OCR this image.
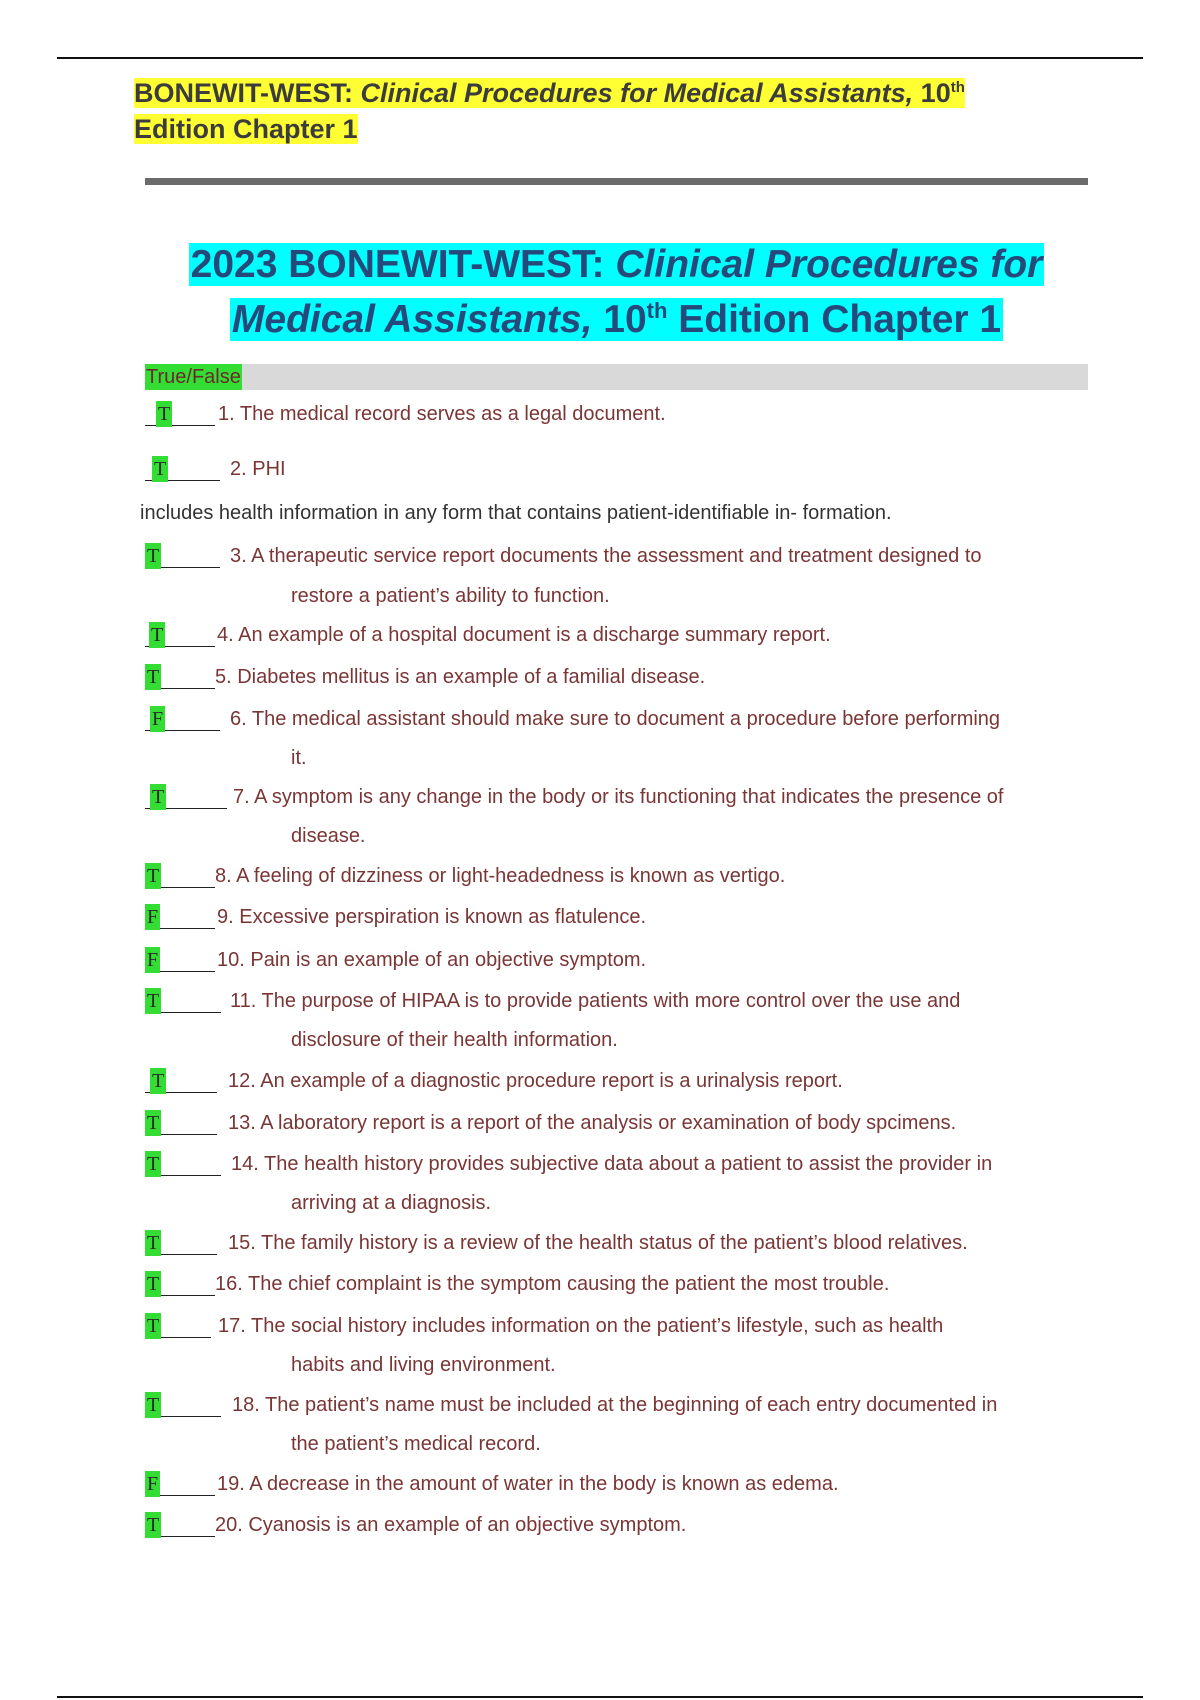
BONEWIT-WEST: Clinical Procedures for Medical Assistants, 10th
Edition Chapter 1
2023 BONEWIT-WEST: Clinical Procedures for
Medical Assistants, 10th Edition Chapter 1
True/False
includes health information in any form that contains patient-identifiable in- formation.
T 1. The medical record serves as a legal document.
T	2. PHI
T	3. A therapeutic service report documents the assessment and treatment designed to
restore a patient’s ability to function.
T	4. An example of a hospital document is a discharge summary report.
T	5. Diabetes mellitus is an example of a familial disease.
F	6. The medical assistant should make sure to document a procedure before performing
it.
T	7. A symptom is any change in the body or its functioning that indicates the presence of
disease.
T	8. A feeling of dizziness or light-headedness is known as vertigo.
F	9. Excessive perspiration is known as flatulence.
F	10. Pain is an example of an objective symptom.
T	11. The purpose of HIPAA is to provide patients with more control over the use and
disclosure of their health information.
T	12. An example of a diagnostic procedure report is a urinalysis report.
T	13. A laboratory report is a report of the analysis or examination of body spcimens.
T	14. The health history provides subjective data about a patient to assist the provider in
arriving at a diagnosis.
T	15. The family history is a review of the health status of the patient’s blood relatives.
T	16. The chief complaint is the symptom causing the patient the most trouble.
T	17. The social history includes information on the patient’s lifestyle, such as health
habits and living environment.
T	18. The patient’s name must be included at the beginning of each entry documented in
the patient’s medical record.
F	19. A decrease in the amount of water in the body is known as edema.
T	20. Cyanosis is an example of an objective symptom.
